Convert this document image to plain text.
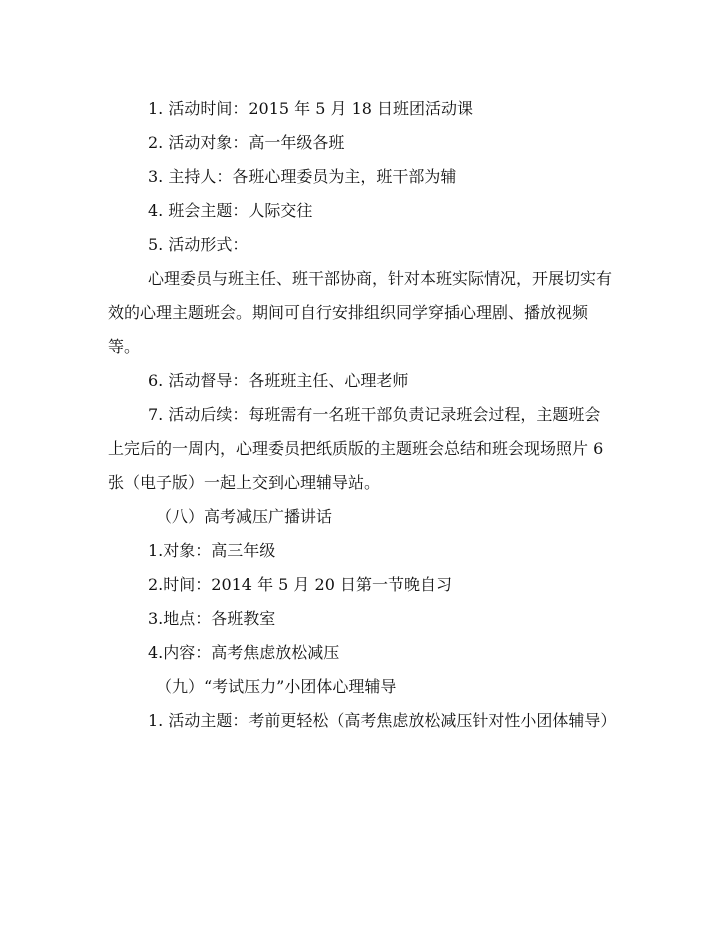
1. 活动时间：2015 年 5 月 18 日班团活动课

2. 活动对象：高一年级各班

3. 主持人：各班心理委员为主，班干部为辅

4. 班会主题：人际交往

5. 活动形式：

心理委员与班主任、班干部协商，针对本班实际情况，开展切实有效的心理主题班会。期间可自行安排组织同学穿插心理剧、播放视频等。

6. 活动督导：各班班主任、心理老师

7. 活动后续：每班需有一名班干部负责记录班会过程，主题班会上完后的一周内，心理委员把纸质版的主题班会总结和班会现场照片 6 张（电子版）一起上交到心理辅导站。

（八）高考减压广播讲话

1.对象：高三年级

2.时间：2014 年 5 月 20 日第一节晚自习

3.地点：各班教室

4.内容：高考焦虑放松减压

（九）“考试压力”小团体心理辅导

1. 活动主题：考前更轻松（高考焦虑放松减压针对性小团体辅导）
